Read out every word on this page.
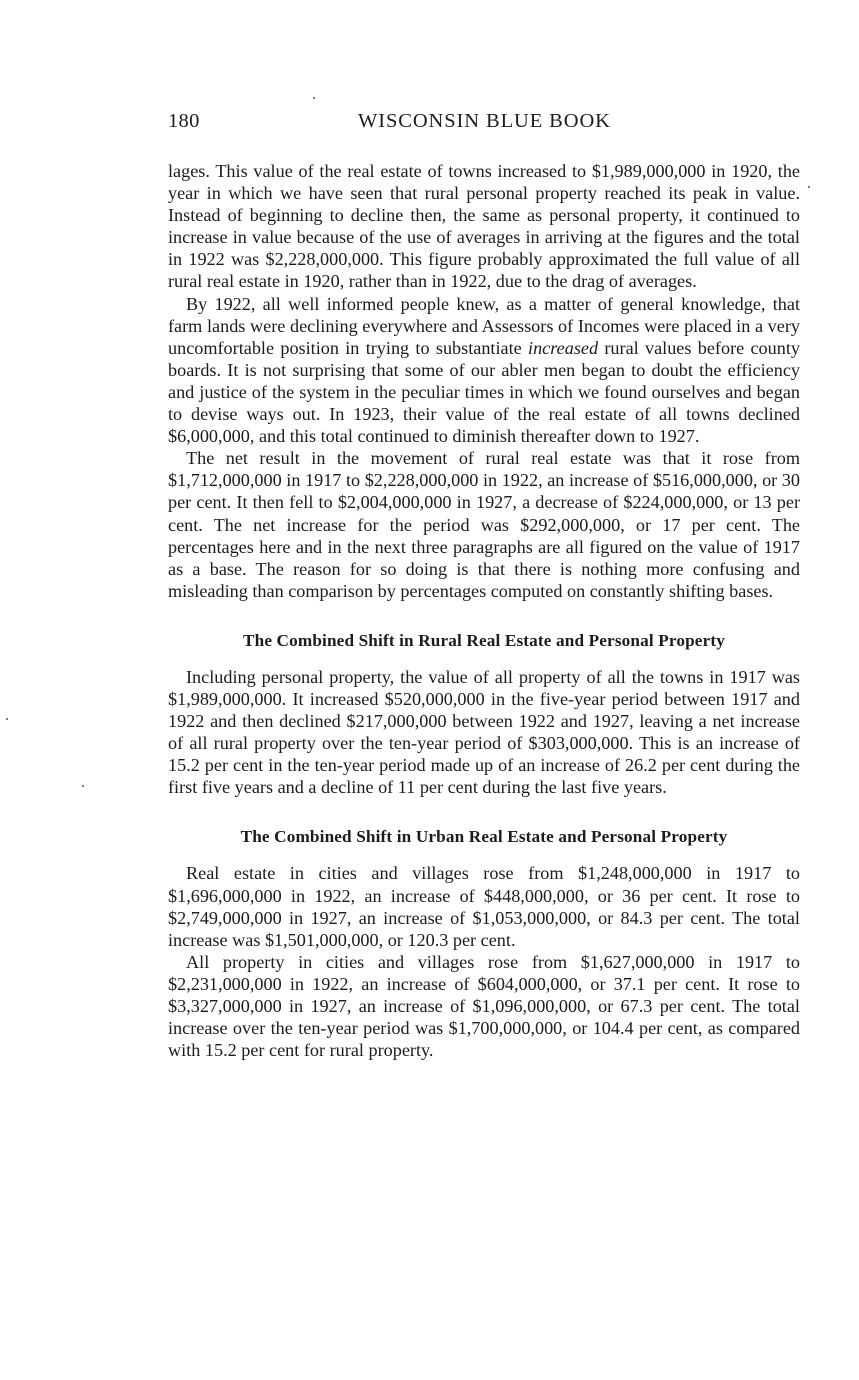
180	WISCONSIN BLUE BOOK

lages. This value of the real estate of towns increased to $1,989,000,000 in 1920, the year in which we have seen that rural personal property reached its peak in value. Instead of beginning to decline then, the same as personal property, it continued to increase in value because of the use of averages in arriving at the figures and the total in 1922 was $2,228,000,000. This figure probably approximated the full value of all rural real estate in 1920, rather than in 1922, due to the drag of averages.

By 1922, all well informed people knew, as a matter of general knowledge, that farm lands were declining everywhere and Assessors of Incomes were placed in a very uncomfortable position in trying to substantiate increased rural values before county boards. It is not surprising that some of our abler men began to doubt the efficiency and justice of the system in the peculiar times in which we found ourselves and began to devise ways out. In 1923, their value of the real estate of all towns declined $6,000,000, and this total continued to diminish thereafter down to 1927.

The net result in the movement of rural real estate was that it rose from $1,712,000,000 in 1917 to $2,228,000,000 in 1922, an increase of $516,000,000, or 30 per cent. It then fell to $2,004,000,000 in 1927, a decrease of $224,000,000, or 13 per cent. The net increase for the period was $292,000,000, or 17 per cent. The percentages here and in the next three paragraphs are all figured on the value of 1917 as a base. The reason for so doing is that there is nothing more confusing and misleading than comparison by percentages computed on constantly shifting bases.

The Combined Shift in Rural Real Estate and Personal Property

Including personal property, the value of all property of all the towns in 1917 was $1,989,000,000. It increased $520,000,000 in the five-year period between 1917 and 1922 and then declined $217,000,000 between 1922 and 1927, leaving a net increase of all rural property over the ten-year period of $303,000,000. This is an increase of 15.2 per cent in the ten-year period made up of an increase of 26.2 per cent during the first five years and a decline of 11 per cent during the last five years.

The Combined Shift in Urban Real Estate and Personal Property

Real estate in cities and villages rose from $1,248,000,000 in 1917 to $1,696,000,000 in 1922, an increase of $448,000,000, or 36 per cent. It rose to $2,749,000,000 in 1927, an increase of $1,053,000,000, or 84.3 per cent. The total increase was $1,501,000,000, or 120.3 per cent.

All property in cities and villages rose from $1,627,000,000 in 1917 to $2,231,000,000 in 1922, an increase of $604,000,000, or 37.1 per cent. It rose to $3,327,000,000 in 1927, an increase of $1,096,000,000, or 67.3 per cent. The total increase over the ten-year period was $1,700,000,000, or 104.4 per cent, as compared with 15.2 per cent for rural property.
